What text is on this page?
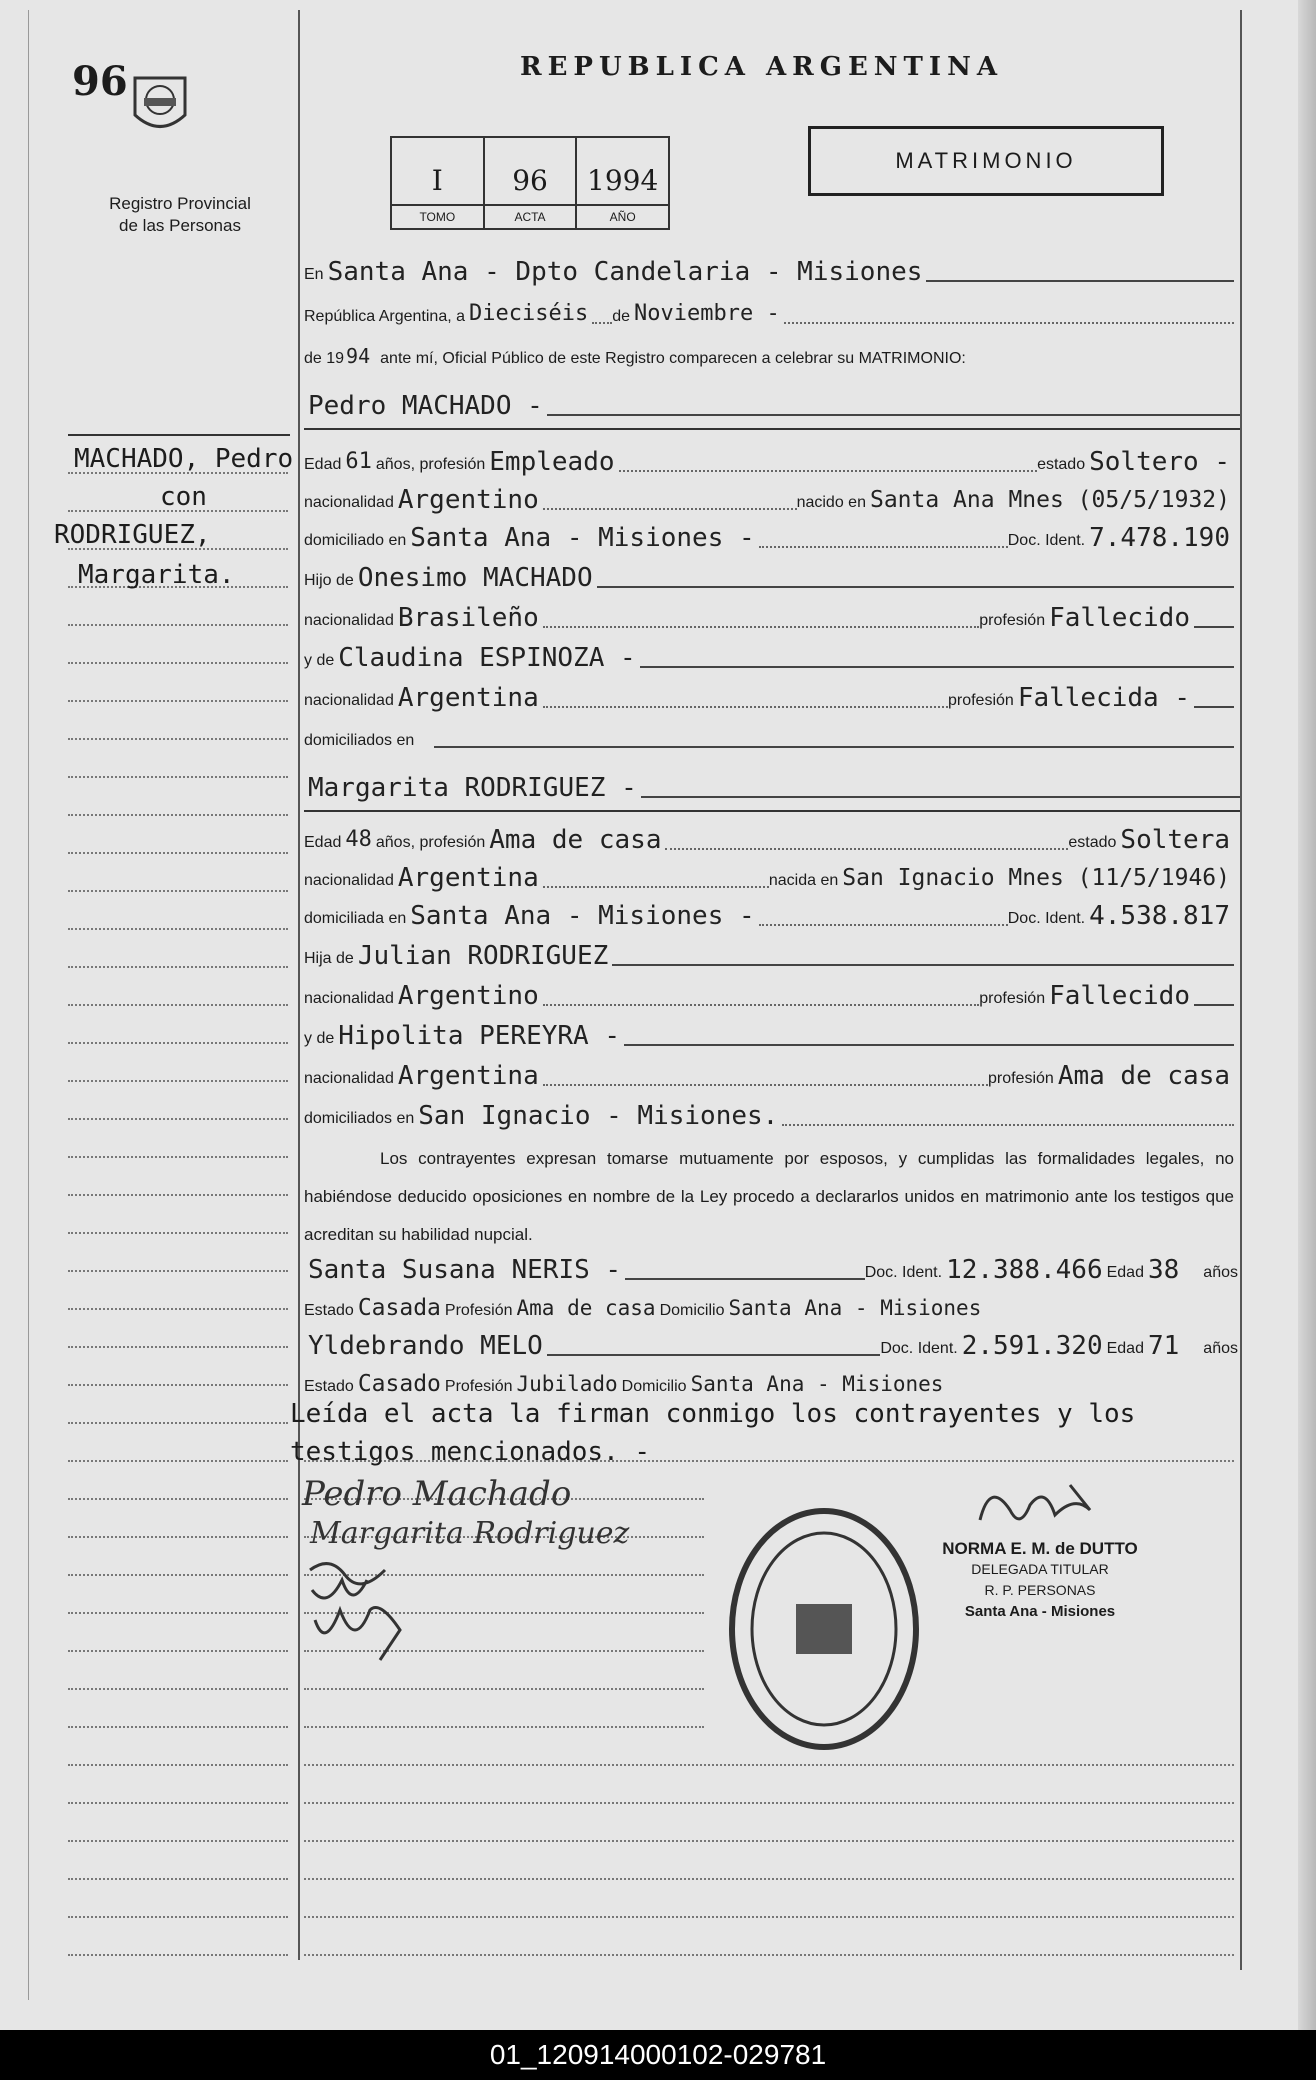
96
Registro Provincial
de las Personas
REPUBLICA ARGENTINA
I
TOMO
96
ACTA
1994
AÑO
MATRIMONIO
MACHADO, Pedro
con
RODRIGUEZ,
Margarita.
En Santa Ana - Dpto Candelaria - Misiones
República Argentina, a Dieciséis de Noviembre -
de 19 94 ante mí, Oficial Público de este Registro comparecen a celebrar su MATRIMONIO:
Pedro MACHADO -
Edad 61 años, profesión Empleado	estado Soltero -
nacionalidad Argentino	nacido en Santa Ana Mnes (05/5/1932)
domiciliado en Santa Ana - Misiones -	Doc. Ident. 7.478.190
Hijo de Onesimo MACHADO
nacionalidad Brasileño	profesión Fallecido
y de Claudina ESPINOZA -
nacionalidad Argentina	profesión Fallecida -
domiciliados en
Margarita RODRIGUEZ -
Edad 48 años, profesión Ama de casa	estado Soltera
nacionalidad Argentina	nacida en San Ignacio Mnes (11/5/1946)
domiciliada en Santa Ana - Misiones -	Doc. Ident. 4.538.817
Hija de Julian RODRIGUEZ
nacionalidad Argentino	profesión Fallecido
y de Hipolita PEREYRA -
nacionalidad Argentina	profesión Ama de casa
domiciliados en San Ignacio - Misiones.
Los contrayentes expresan tomarse mutuamente por esposos, y cumplidas las formalidades legales, no habiéndose deducido oposiciones en nombre de la Ley procedo a declararlos unidos en matrimonio ante los testigos que acreditan su habilidad nupcial.
Santa Susana NERIS -	Doc. Ident. 12.388.466 Edad 38	años
Estado Casada Profesión Ama de casa Domicilio Santa Ana - Misiones
Yldebrando MELO	Doc. Ident. 2.591.320 Edad 71	años
Estado Casado Profesión Jubilado Domicilio Santa Ana - Misiones
Leída el acta la firman conmigo los contrayentes y los testigos mencionados. -
Pedro Machado
Margarita Rodriguez	NORMA E. M. de DUTTO
DELEGADA TITULAR
R. P. PERSONAS
Santa Ana - Misiones
01_120914000102-029781
